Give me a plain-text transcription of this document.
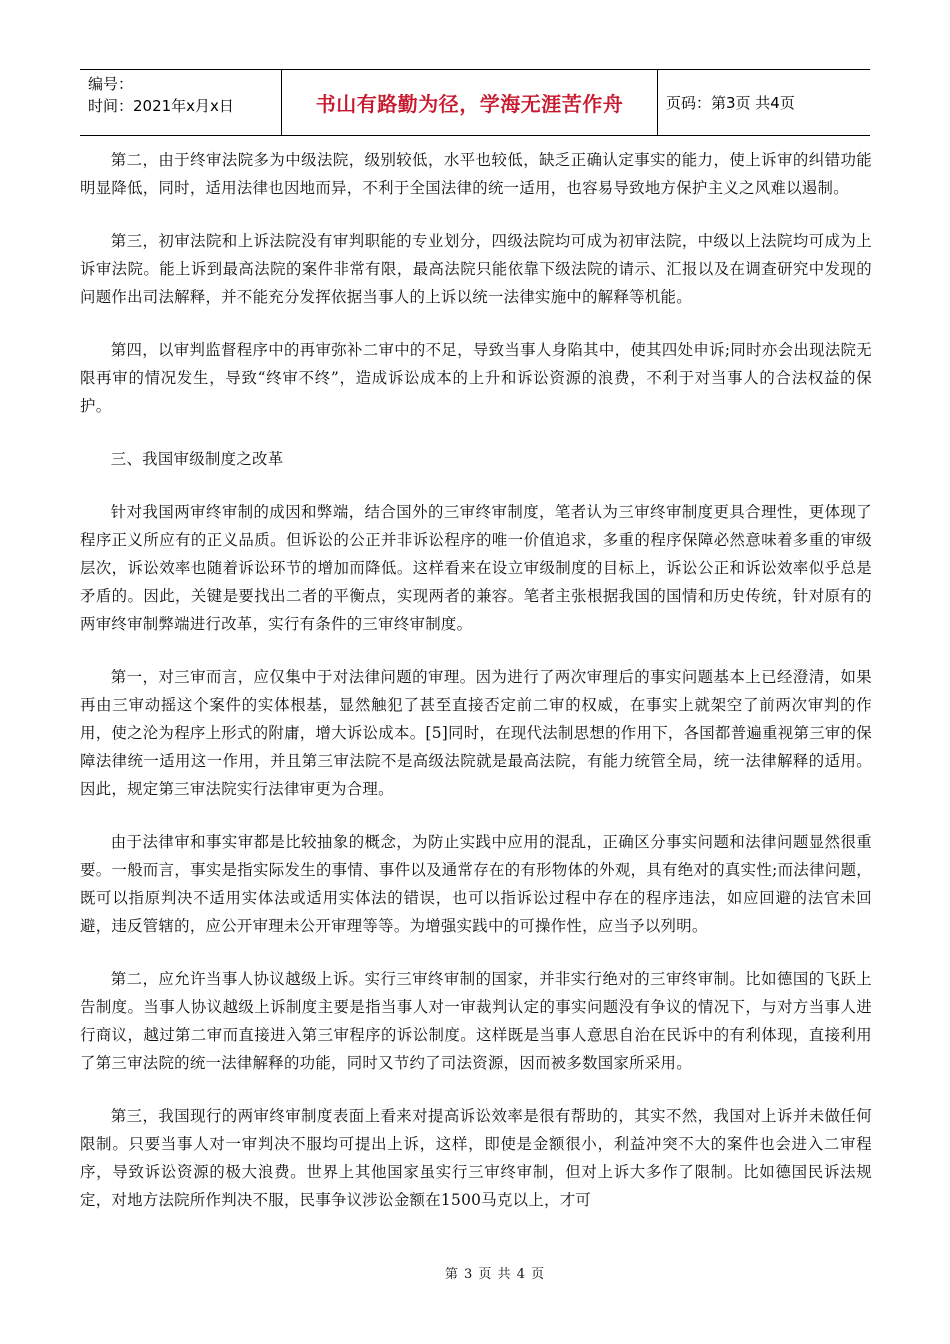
编号：
时间：2021年x月x日	书山有路勤为径，学海无涯苦作舟	页码：第3页 共4页

第二，由于终审法院多为中级法院，级别较低，水平也较低，缺乏正确认定事实的能力，使上诉审的纠错功能明显降低，同时，适用法律也因地而异，不利于全国法律的统一适用，也容易导致地方保护主义之风难以遏制。

第三，初审法院和上诉法院没有审判职能的专业划分，四级法院均可成为初审法院，中级以上法院均可成为上诉审法院。能上诉到最高法院的案件非常有限，最高法院只能依靠下级法院的请示、汇报以及在调查研究中发现的问题作出司法解释，并不能充分发挥依据当事人的上诉以统一法律实施中的解释等机能。

第四，以审判监督程序中的再审弥补二审中的不足，导致当事人身陷其中，使其四处申诉;同时亦会出现法院无限再审的情况发生，导致“终审不终”，造成诉讼成本的上升和诉讼资源的浪费，不利于对当事人的合法权益的保护。

三、我国审级制度之改革

针对我国两审终审制的成因和弊端，结合国外的三审终审制度，笔者认为三审终审制度更具合理性，更体现了程序正义所应有的正义品质。但诉讼的公正并非诉讼程序的唯一价值追求，多重的程序保障必然意味着多重的审级层次，诉讼效率也随着诉讼环节的增加而降低。这样看来在设立审级制度的目标上，诉讼公正和诉讼效率似乎总是矛盾的。因此，关键是要找出二者的平衡点，实现两者的兼容。笔者主张根据我国的国情和历史传统，针对原有的两审终审制弊端进行改革，实行有条件的三审终审制度。

第一，对三审而言，应仅集中于对法律问题的审理。因为进行了两次审理后的事实问题基本上已经澄清，如果再由三审动摇这个案件的实体根基，显然触犯了甚至直接否定前二审的权威，在事实上就架空了前两次审判的作用，使之沦为程序上形式的附庸，增大诉讼成本。[5]同时，在现代法制思想的作用下，各国都普遍重视第三审的保障法律统一适用这一作用，并且第三审法院不是高级法院就是最高法院，有能力统管全局，统一法律解释的适用。因此，规定第三审法院实行法律审更为合理。

由于法律审和事实审都是比较抽象的概念，为防止实践中应用的混乱，正确区分事实问题和法律问题显然很重要。一般而言，事实是指实际发生的事情、事件以及通常存在的有形物体的外观，具有绝对的真实性;而法律问题，既可以指原判决不适用实体法或适用实体法的错误，也可以指诉讼过程中存在的程序违法，如应回避的法官未回避，违反管辖的，应公开审理未公开审理等等。为增强实践中的可操作性，应当予以列明。

第二，应允许当事人协议越级上诉。实行三审终审制的国家，并非实行绝对的三审终审制。比如德国的飞跃上告制度。当事人协议越级上诉制度主要是指当事人对一审裁判认定的事实问题没有争议的情况下，与对方当事人进行商议，越过第二审而直接进入第三审程序的诉讼制度。这样既是当事人意思自治在民诉中的有利体现，直接利用了第三审法院的统一法律解释的功能，同时又节约了司法资源，因而被多数国家所采用。

第三，我国现行的两审终审制度表面上看来对提高诉讼效率是很有帮助的，其实不然，我国对上诉并未做任何限制。只要当事人对一审判决不服均可提出上诉，这样，即使是金额很小，利益冲突不大的案件也会进入二审程序，导致诉讼资源的极大浪费。世界上其他国家虽实行三审终审制，但对上诉大多作了限制。比如德国民诉法规定，对地方法院所作判决不服，民事争议涉讼金额在1500马克以上，才可

第 3 页 共 4 页
